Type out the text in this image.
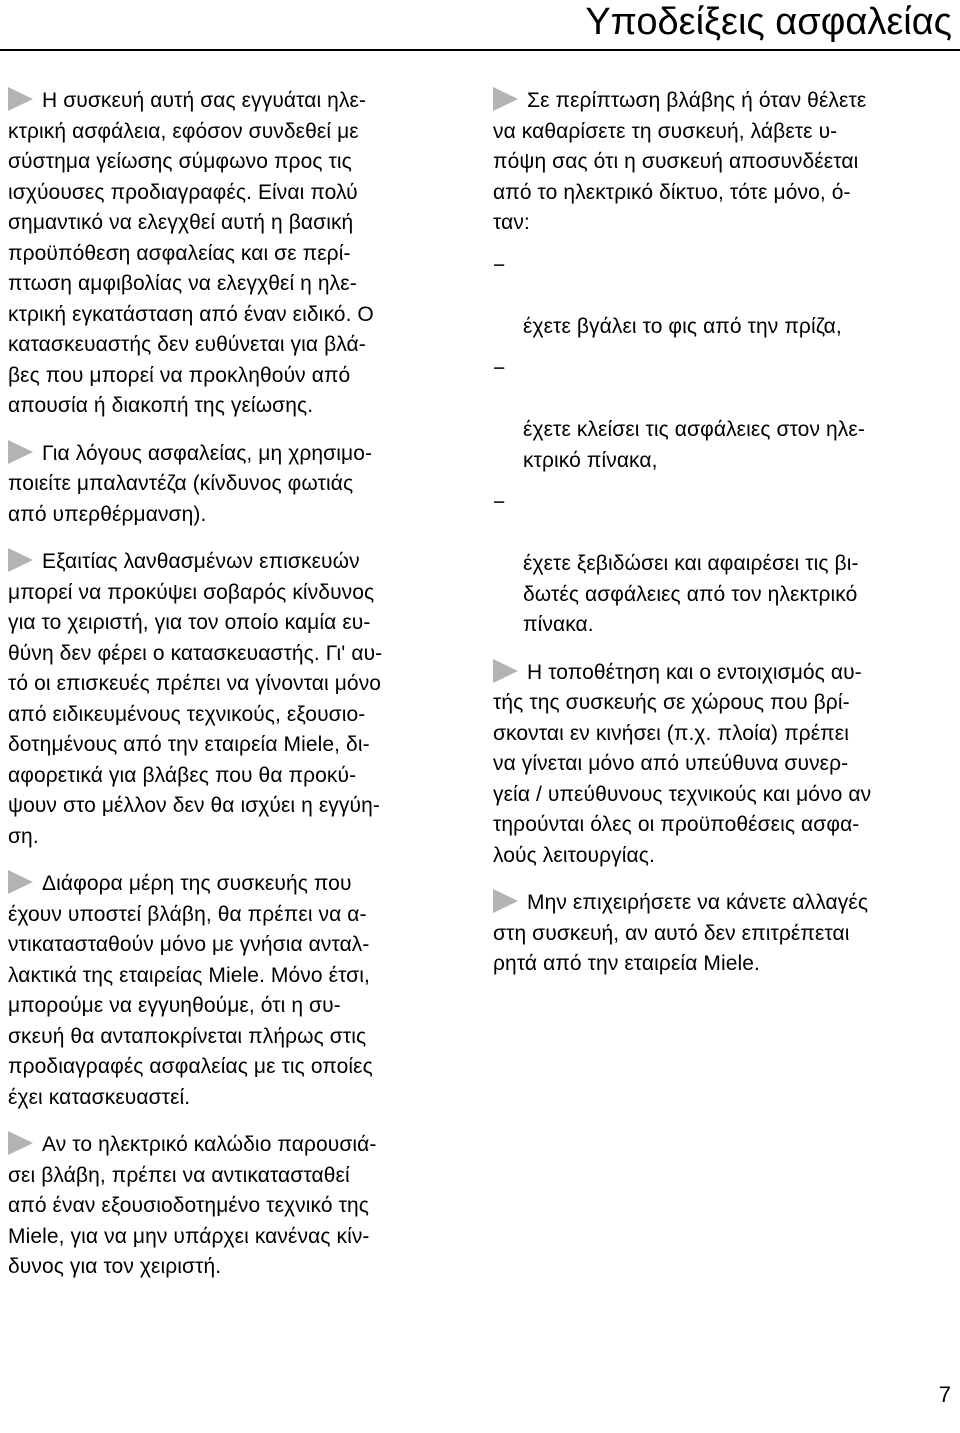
Υποδείξεις ασφαλείας

Η συσκευή αυτή σας εγγυάται ηλε-
κτρική ασφάλεια, εφόσον συνδεθεί με
σύστημα γείωσης σύμφωνο προς τις
ισχύουσες προδιαγραφές. Είναι πολύ
σημαντικό να ελεγχθεί αυτή η βασική
προϋπόθεση ασφαλείας και σε περί-
πτωση αμφιβολίας να ελεγχθεί η ηλε-
κτρική εγκατάσταση από έναν ειδικό. Ο
κατασκευαστής δεν ευθύνεται για βλά-
βες που μπορεί να προκληθούν από
απουσία ή διακοπή της γείωσης.

Για λόγους ασφαλείας, μη χρησιμο-
ποιείτε μπαλαντέζα (κίνδυνος φωτιάς
από υπερθέρμανση).

Εξαιτίας λανθασμένων επισκευών
μπορεί να προκύψει σοβαρός κίνδυνος
για το χειριστή, για τον οποίο καμία ευ-
θύνη δεν φέρει ο κατασκευαστής. Γι' αυ-
τό οι επισκευές πρέπει να γίνονται μόνο
από ειδικευμένους τεχνικούς, εξουσιο-
δοτημένους από την εταιρεία Miele, δι-
αφορετικά για βλάβες που θα προκύ-
ψουν στο μέλλον δεν θα ισχύει η εγγύη-
ση.

Διάφορα μέρη της συσκευής που
έχουν υποστεί βλάβη, θα πρέπει να α-
ντικατασταθούν μόνο με γνήσια ανταλ-
λακτικά της εταιρείας Miele. Μόνο έτσι,
μπορούμε να εγγυηθούμε, ότι η συ-
σκευή θα ανταποκρίνεται πλήρως στις
προδιαγραφές ασφαλείας με τις οποίες
έχει κατασκευαστεί.

Αν το ηλεκτρικό καλώδιο παρουσιά-
σει βλάβη, πρέπει να αντικατασταθεί
από έναν εξουσιοδοτημένο τεχνικό της
Miele, για να μην υπάρχει κανένας κίν-
δυνος για τον χειριστή.

Σε περίπτωση βλάβης ή όταν θέλετε
να καθαρίσετε τη συσκευή, λάβετε υ-
πόψη σας ότι η συσκευή αποσυνδέεται
από το ηλεκτρικό δίκτυο, τότε μόνο, ό-
ταν:

−

έχετε βγάλει το φις από την πρίζα,

−

έχετε κλείσει τις ασφάλειες στον ηλε-
κτρικό πίνακα,

−

έχετε ξεβιδώσει και αφαιρέσει τις βι-
δωτές ασφάλειες από τον ηλεκτρικό
πίνακα.

Η τοποθέτηση και ο εντοιχισμός αυ-
τής της συσκευής σε χώρους που βρί-
σκονται εν κινήσει (π.χ. πλοία) πρέπει
να γίνεται μόνο από υπεύθυνα συνερ-
γεία / υπεύθυνους τεχνικούς και μόνο αν
τηρούνται όλες οι προϋποθέσεις ασφα-
λούς λειτουργίας.

Μην επιχειρήσετε να κάνετε αλλαγές
στη συσκευή, αν αυτό δεν επιτρέπεται
ρητά από την εταιρεία Miele.

7
